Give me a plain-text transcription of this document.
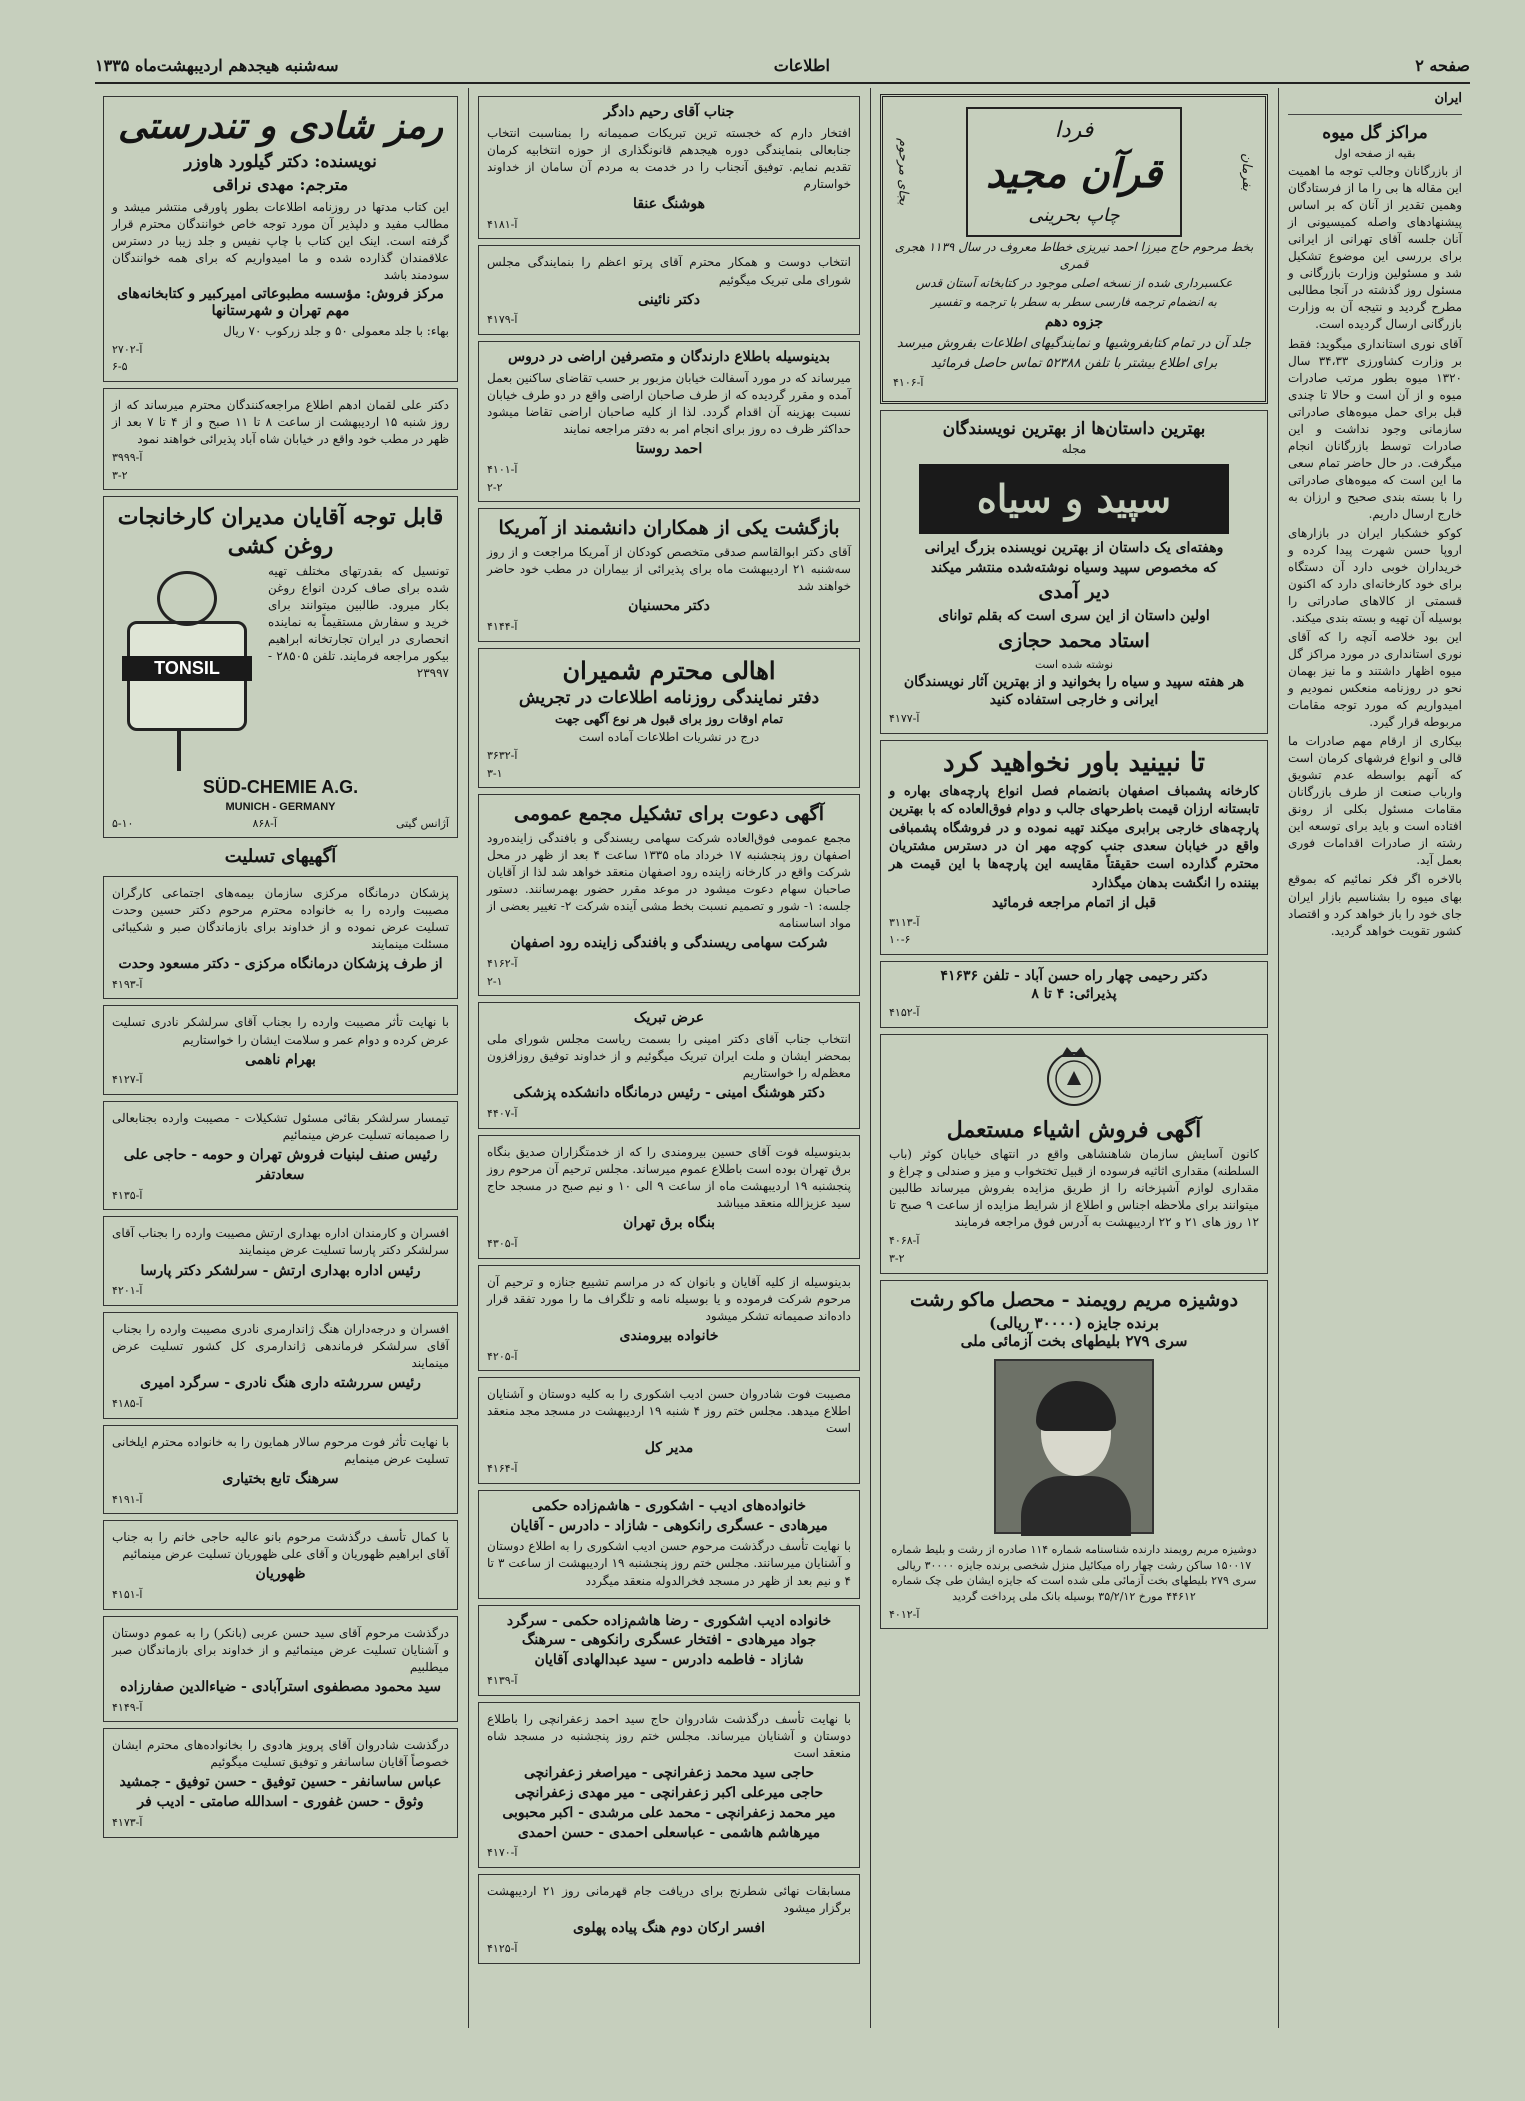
صفحه ۲
اطلاعات
سه‌شنبه هیجدهم اردیبهشت‌ماه ۱۳۳۵
ایران
مراکز گل میوه
بقیه از صفحه اول

از بازرگانان وجالب توجه ما اهمیت این مقاله ها بی را ما از فرستادگان وهمین تقدیر از آنان که بر اساس پیشنهادهای واصله کمیسیونی از آنان جلسه آقای تهرانی از ایرانی برای بررسی این موضوع تشکیل شد و مسئولین وزارت بازرگانی و مسئول روز گذشته در آنجا مطالبی مطرح گردید و نتیجه آن به وزارت بازرگانی ارسال گردیده است.

آقای نوری استانداری میگوید: فقط بر وزارت کشاورزی ۳۴،۳۳ سال ۱۳۲۰ میوه بطور مرتب صادرات میوه و از آن است و حالا تا چندی قبل برای حمل میوه‌های صادراتی سازمانی وجود نداشت و این صادرات توسط بازرگانان انجام میگرفت. در حال حاضر تمام سعی ما این است که میوه‌های صادراتی را با بسته بندی صحیح و ارزان به خارج ارسال داریم.

کوکو خشکبار ایران در بازارهای اروپا حسن شهرت پیدا کرده و خریداران خوبی دارد آن دستگاه برای خود کارخانه‌ای دارد که اکنون قسمتی از کالاهای صادراتی را بوسیله آن تهیه و بسته بندی میکند.

این بود خلاصه آنچه را که آقای نوری استانداری در مورد مراکز گل میوه اظهار داشتند و ما نیز بهمان نحو در روزنامه منعکس نمودیم و امیدواریم که مورد توجه مقامات مربوطه قرار گیرد.

بیکاری از ارقام مهم صادرات ما قالی و انواع فرشهای کرمان است که آنهم بواسطه عدم تشویق وارباب صنعت از طرف بازرگانان مقامات مسئول بکلی از رونق افتاده است و باید برای توسعه این رشته از صادرات اقدامات فوری بعمل آید.

بالاخره اگر فکر نمائیم که بموقع بهای میوه را بشناسیم بازار ایران جای خود را باز خواهد کرد و اقتصاد کشور تقویت خواهد گردید.

بفرمان
فردا
قرآن مجید
چاپ بحرینی
بجای مرحوم

بخط مرحوم حاج میرزا احمد نیریزی خطاط معروف در سال ۱۱۳۹ هجری قمری

عکسبرداری شده از نسخه اصلی موجود در کتابخانه آستان قدس

به انضمام ترجمه فارسی سطر به سطر با ترجمه و تفسیر

جزوه دهم

جلد آن در تمام کتابفروشیها و نمایندگیهای اطلاعات بفروش میرسد

برای اطلاع بیشتر با تلفن ۵۲۳۸۸ تماس حاصل فرمائید

آ-۴۱۰۶
بهترین داستان‌ها از بهترین نویسندگان
مجله
سپید و سیاه

وهفته‌ای یک داستان از بهترین نویسنده بزرگ ایرانی

که مخصوص سپید وسیاه نوشته‌شده منتشر میکند

دیر آمدی

اولین داستان از این سری است که بقلم توانای

استاد محمد حجازی

نوشته شده است

هر هفته سپید و سیاه را بخوانید و از بهترین آثار نویسندگان ایرانی و خارجی استفاده کنید

آ-۴۱۷۷
تا نبینید باور نخواهید کرد

کارخانه پشمباف اصفهان بانضمام فصل انواع پارچه‌های بهاره و تابستانه ارزان قیمت باطرحهای جالب و دوام فوق‌العاده که با بهترین پارچه‌های خارجی برابری میکند تهیه نموده و در فروشگاه پشمبافی واقع در خیابان سعدی جنب کوچه مهر ان در دسترس مشتریان محترم گذارده است حقیقتاً مقایسه این پارچه‌ها با این قیمت هر بیننده را انگشت بدهان میگذارد

قبل از اتمام مراجعه فرمائید
آ-۳۱۱۳
۱۰-۶
دکتر رحیمی چهار راه حسن آباد - تلفن ۴۱۶۳۶
پذیرائی: ۴ تا ۸
آ-۴۱۵۲
آگهی فروش اشیاء مستعمل

کانون آسایش سازمان شاهنشاهی واقع در انتهای خیابان کوثر (باب السلطنه) مقداری اثاثیه فرسوده از قبیل تختخواب و میز و صندلی و چراغ و مقداری لوازم آشپزخانه را از طریق مزایده بفروش میرساند طالبین میتوانند برای ملاحظه اجناس و اطلاع از شرایط مزایده از ساعت ۹ صبح تا ۱۲ روز های ۲۱ و ۲۲ اردیبهشت به آدرس فوق مراجعه فرمایند

آ-۴۰۶۸
۳-۲
دوشیزه مریم رویمند - محصل ماکو رشت
برنده جایزه (۳۰۰۰۰ ریالی)
سری ۲۷۹ بلیطهای بخت آزمائی ملی

دوشیزه مریم رویمند دارنده شناسنامه شماره ۱۱۴ صادره از رشت و بلیط شماره ۱۵۰۰۱۷ ساکن رشت چهار راه میکائیل منزل شخصی برنده جایزه ۳۰۰۰۰ ریالی سری ۲۷۹ بلیطهای بخت آزمائی ملی شده است که جایزه ایشان طی چک شماره ۴۴۶۱۲ مورخ ۳۵/۲/۱۲ بوسیله بانک ملی پرداخت گردید

آ-۴۰۱۲
جناب آقای رحیم دادگر

افتخار دارم که خجسته ترین تبریکات صمیمانه را بمناسبت انتخاب جنابعالی بنمایندگی دوره هیجدهم قانونگذاری از حوزه انتخابیه کرمان تقدیم نمایم. توفیق آنجناب را در خدمت به مردم آن سامان از خداوند خواستارم

هوشنگ عنقا
آ-۴۱۸۱

انتخاب دوست و همکار محترم آقای پرتو اعظم را بنمایندگی مجلس شورای ملی تبریک میگوئیم

دکتر نائینی
آ-۴۱۷۹
بدینوسیله باطلاع دارندگان و متصرفین اراضی در دروس

میرساند که در مورد آسفالت خیابان مزبور بر حسب تقاضای ساکنین بعمل آمده و مقرر گردیده که از طرف صاحبان اراضی واقع در دو طرف خیابان نسبت بهزینه آن اقدام گردد. لذا از کلیه صاحبان اراضی تقاضا میشود حداکثر ظرف ده روز برای انجام امر به دفتر مراجعه نمایند

احمد روستا
آ-۴۱۰۱
۲-۲
بازگشت یکی از همکاران دانشمند از آمریکا

آقای دکتر ابوالقاسم صدقی متخصص کودکان از آمریکا مراجعت و از روز سه‌شنبه ۲۱ اردیبهشت ماه برای پذیرائی از بیماران در مطب خود حاضر خواهند شد

دکتر محسنیان
آ-۴۱۴۴
اهالی محترم شمیران
دفتر نمایندگی روزنامه اطلاعات در تجریش

تمام اوقات روز برای قبول هر نوع آگهی جهت

درج در نشریات اطلاعات آماده است

آ-۳۶۳۲
۳-۱
آگهی دعوت برای تشکیل مجمع عمومی

مجمع عمومی فوق‌العاده شرکت سهامی ریسندگی و بافندگی زاینده‌رود اصفهان روز پنجشنبه ۱۷ خرداد ماه ۱۳۳۵ ساعت ۴ بعد از ظهر در محل شرکت واقع در کارخانه زاینده رود اصفهان منعقد خواهد شد لذا از آقایان صاحبان سهام دعوت میشود در موعد مقرر حضور بهمرسانند. دستور جلسه: ۱- شور و تصمیم نسبت بخط مشی آینده شرکت ۲- تغییر بعضی از مواد اساسنامه

شرکت سهامی ریسندگی و بافندگی زاینده رود اصفهان
آ-۴۱۶۲
۲-۱
عرض تبریک

انتخاب جناب آقای دکتر امینی را بسمت ریاست مجلس شورای ملی بمحضر ایشان و ملت ایران تبریک میگوئیم و از خداوند توفیق روزافزون معظم‌له را خواستاریم

دکتر هوشنگ امینی - رئیس درمانگاه دانشکده پزشکی
آ-۴۴۰۷

بدینوسیله فوت آقای حسین بیرومندی را که از خدمتگزاران صدیق بنگاه برق تهران بوده است باطلاع عموم میرساند. مجلس ترحیم آن مرحوم روز پنجشنبه ۱۹ اردیبهشت ماه از ساعت ۹ الی ۱۰ و نیم صبح در مسجد حاج سید عزیزالله منعقد میباشد

بنگاه برق تهران
آ-۴۳۰۵

بدینوسیله از کلیه آقایان و بانوان که در مراسم تشییع جنازه و ترحیم آن مرحوم شرکت فرموده و یا بوسیله نامه و تلگراف ما را مورد تفقد قرار داده‌اند صمیمانه تشکر میشود

خانواده بیرومندی
آ-۴۲۰۵

مصیبت فوت شادروان حسن ادیب اشکوری را به کلیه دوستان و آشنایان اطلاع میدهد. مجلس ختم روز ۴ شنبه ۱۹ اردیبهشت در مسجد مجد منعقد است

مدیر کل
آ-۴۱۶۴
خانواده‌های ادیب - اشکوری - هاشم‌زاده حکمی
میرهادی - عسگری رانکوهی - شازاد - دادرس - آقایان

با نهایت تأسف درگذشت مرحوم حسن ادیب اشکوری را به اطلاع دوستان و آشنایان میرسانند. مجلس ختم روز پنجشنبه ۱۹ اردیبهشت از ساعت ۳ تا ۴ و نیم بعد از ظهر در مسجد فخرالدوله منعقد میگردد

خانواده ادیب اشکوری - رضا هاشم‌زاده حکمی - سرگرد
جواد میرهادی - افتخار عسگری رانکوهی - سرهنگ
شازاد - فاطمه دادرس - سید عبدالهادی آقایان
آ-۴۱۳۹

با نهایت تأسف درگذشت شادروان حاج سید احمد زعفرانچی را باطلاع دوستان و آشنایان میرساند. مجلس ختم روز پنجشنبه در مسجد شاه منعقد است

حاجی سید محمد زعفرانچی - میراصغر زعفرانچی
حاجی میرعلی اکبر زعفرانچی - میر مهدی زعفرانچی
میر محمد زعفرانچی - محمد علی مرشدی - اکبر محبوبی
میرهاشم هاشمی - عباسعلی احمدی - حسن احمدی
آ-۴۱۷۰

مسابقات نهائی شطرنج برای دریافت جام قهرمانی روز ۲۱ اردیبهشت برگزار میشود

افسر ارکان دوم هنگ پیاده پهلوی
آ-۴۱۲۵
رمز شادی و تندرستی
نویسنده: دکتر گیلورد هاوزر
مترجم: مهدی نراقی

این کتاب مدتها در روزنامه اطلاعات بطور پاورقی منتشر میشد و مطالب مفید و دلپذیر آن مورد توجه خاص خوانندگان محترم قرار گرفته است. اینک این کتاب با چاپ نفیس و جلد زیبا در دسترس علاقمندان گذارده شده و ما امیدواریم که برای همه خوانندگان سودمند باشد

مرکز فروش: مؤسسه مطبوعاتی امیرکبیر و کتابخانه‌های مهم تهران و شهرستانها

بهاء: با جلد معمولی ۵۰ و جلد زرکوب ۷۰ ریال

آ-۲۷۰۲
۶-۵

دکتر علی لقمان ادهم اطلاع مراجعه‌کنندگان محترم میرساند که از روز شنبه ۱۵ اردیبهشت از ساعت ۸ تا ۱۱ صبح و از ۴ تا ۷ بعد از ظهر در مطب خود واقع در خیابان شاه آباد پذیرائی خواهند نمود

آ-۳۹۹۹
۳-۲
قابل توجه آقایان مدیران کارخانجات روغن کشی

تونسیل که بقدرتهای مختلف تهیه شده برای صاف کردن انواع روغن بکار میرود. طالبین میتوانند برای خرید و سفارش مستقیماً به نماینده انحصاری در ایران تجارتخانه ابراهیم بیکور مراجعه فرمایند. تلفن ۲۸۵۰۵ - ۲۳۹۹۷

TONSIL
SÜD-CHEMIE A.G.
MUNICH - GERMANY
آژانس گیتی
آ-۸۶۸
۵-۱۰
آگهیهای تسلیت

پزشکان درمانگاه مرکزی سازمان بیمه‌های اجتماعی کارگران مصیبت وارده را به خانواده محترم مرحوم دکتر حسین وحدت تسلیت عرض نموده و از خداوند برای بازماندگان صبر و شکیبائی مسئلت مینمایند

از طرف پزشکان درمانگاه مرکزی - دکتر مسعود وحدت
آ-۴۱۹۳

با نهایت تأثر مصیبت وارده را بجناب آقای سرلشکر نادری تسلیت عرض کرده و دوام عمر و سلامت ایشان را خواستاریم

بهرام ناهمی
آ-۴۱۲۷

تیمسار سرلشکر بقائی مسئول تشکیلات - مصیبت وارده بجنابعالی را صمیمانه تسلیت عرض مینمائیم

رئیس صنف لبنیات فروش تهران و حومه - حاجی علی سعادتفر
آ-۴۱۳۵

افسران و کارمندان اداره بهداری ارتش مصیبت وارده را بجناب آقای سرلشکر دکتر پارسا تسلیت عرض مینمایند

رئیس اداره بهداری ارتش - سرلشکر دکتر پارسا
آ-۴۲۰۱

افسران و درجه‌داران هنگ ژاندارمری نادری مصیبت وارده را بجناب آقای سرلشکر فرماندهی ژاندارمری کل کشور تسلیت عرض مینمایند

رئیس سررشته داری هنگ نادری - سرگرد امیری
آ-۴۱۸۵

با نهایت تأثر فوت مرحوم سالار همایون را به خانواده محترم ایلخانی تسلیت عرض مینمایم

سرهنگ تابع بختیاری
آ-۴۱۹۱

با کمال تأسف درگذشت مرحوم بانو عالیه حاجی خانم را به جناب آقای ابراهیم ظهوریان و آقای علی ظهوریان تسلیت عرض مینمائیم

ظهوریان
آ-۴۱۵۱

درگذشت مرحوم آقای سید حسن عربی (بانکر) را به عموم دوستان و آشنایان تسلیت عرض مینمائیم و از خداوند برای بازماندگان صبر میطلبیم

سید محمود مصطفوی استرآبادی - ضیاءالدین صفارزاده
آ-۴۱۴۹

درگذشت شادروان آقای پرویز هادوی را بخانواده‌های محترم ایشان خصوصاً آقایان ساسانفر و توفیق تسلیت میگوئیم

عباس ساسانفر - حسین توفیق - حسن توفیق - جمشید وثوق - حسن غفوری - اسدالله صامتی - ادیب فر
آ-۴۱۷۳
